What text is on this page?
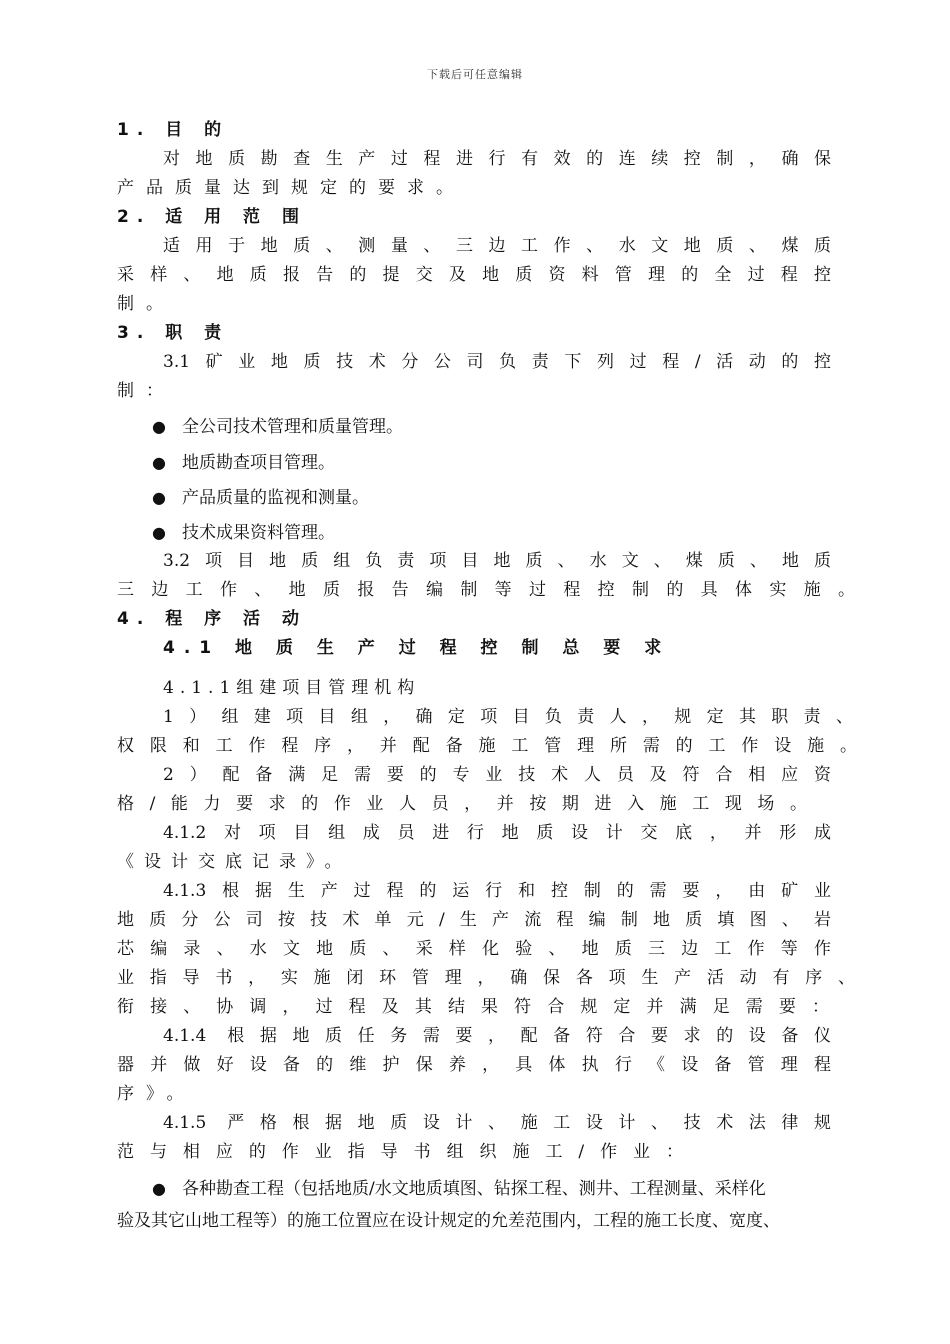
下载后可任意编辑
1. 目 的
对地质勘查生产过程进行有效的连续控制，确保
产品质量达到规定的要求。
2. 适 用 范 围
适用于地质、测量、三边工作、水文地质、煤质
采样、地质报告的提交及地质资料管理的全过程控
制。
3. 职 责
3.1矿业地质技术分公司负责下列过程/活动的控
制：
● 全公司技术管理和质量管理。
● 地质勘查项目管理。
● 产品质量的监视和测量。
● 技术成果资料管理。
3.2项目地质组负责项目地质、水文、煤质、地质
三边工作、地质报告编制等过程控制的具体实施。
4. 程 序 活 动
4.1 地 质 生 产 过 程 控 制 总 要 求
4.1.1组建项目管理机构
1）组建项目组，确定项目负责人，规定其职责、
权限和工作程序，并配备施工管理所需的工作设施。
2）配备满足需要的专业技术人员及符合相应资
格/能力要求的作业人员，并按期进入施工现场。
4.1.2对项目组成员进行地质设计交底，并形成
《设计交底记录》。
4.1.3根据生产过程的运行和控制的需要，由矿业
地质分公司按技术单元/生产流程编制地质填图、岩
芯编录、水文地质、采样化验、地质三边工作等作
业指导书，实施闭环管理，确保各项生产活动有序、
衔接、协调，过程及其结果符合规定并满足需要：
4.1.4 根据地质任务需要，配备符合要求的设备仪
器并做好设备的维护保养，具体执行《设备管理程
序》。
4.1.5 严格根据地质设计、施工设计、技术法律规
范与相应的作业指导书组织施工/作业：
● 各种勘查工程（包括地质/水文地质填图、钻探工程、测井、工程测量、采样化
验及其它山地工程等）的施工位置应在设计规定的允差范围内，工程的施工长度、宽度、
